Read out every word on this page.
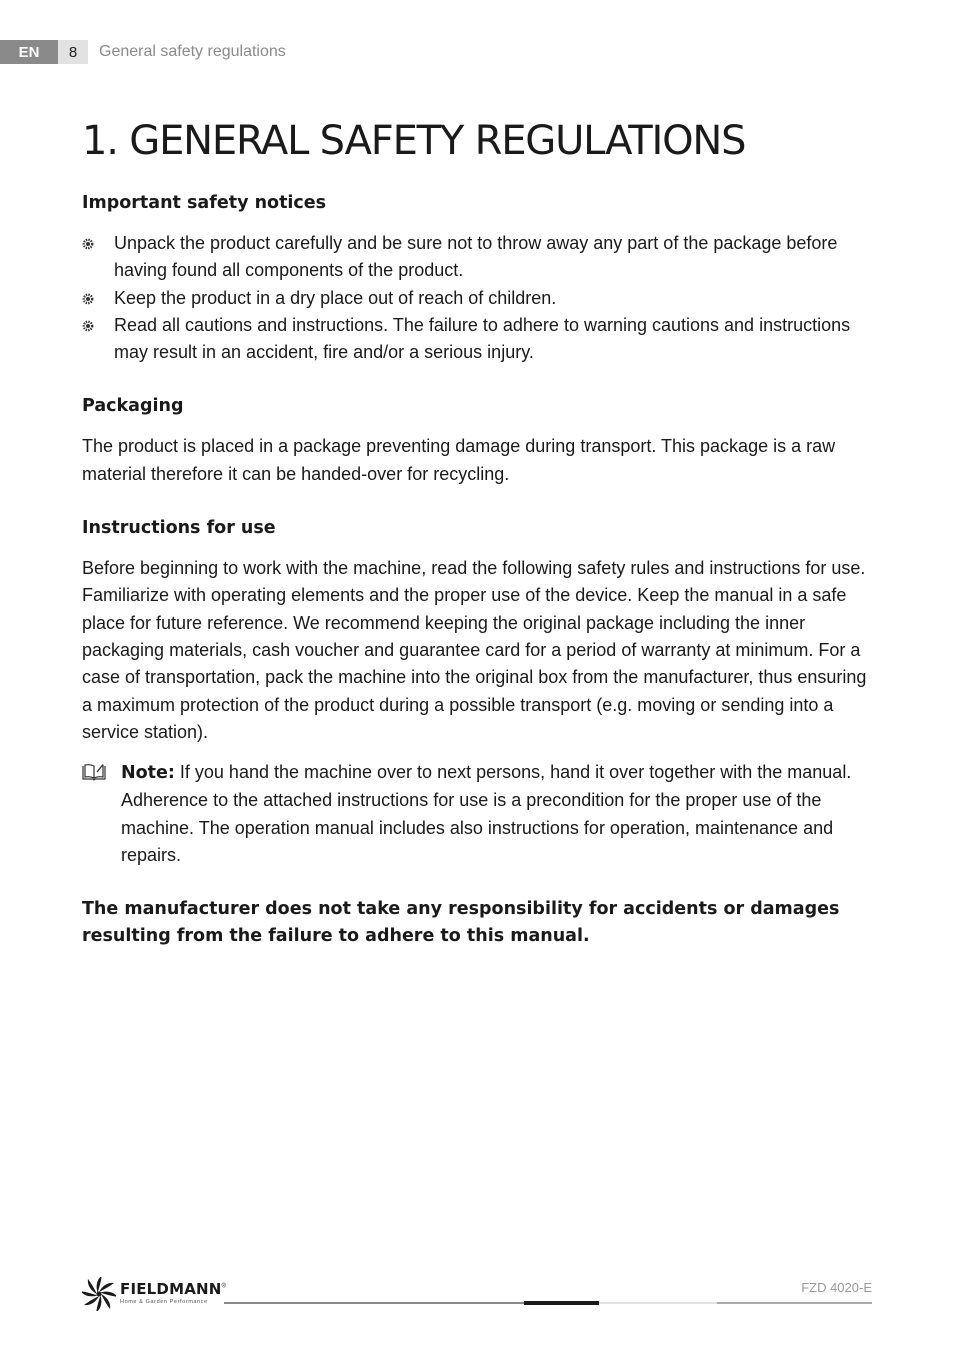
EN	8	General safety regulations
1. GENERAL SAFETY REGULATIONS
Important safety notices
Unpack the product carefully and be sure not to throw away any part of the package before having found all components of the product.
Keep the product in a dry place out of reach of children.
Read all cautions and instructions. The failure to adhere to warning cautions and instructions may result in an accident, fire and/or a serious injury.
Packaging

The product is placed in a package preventing damage during transport. This package is a raw material therefore it can be handed-over for recycling.

Instructions for use

Before beginning to work with the machine, read the following safety rules and instructions for use. Familiarize with operating elements and the proper use of the device. Keep the manual in a safe place for future reference. We recommend keeping the original package including the inner packaging materials, cash voucher and guarantee card for a period of warranty at minimum. For a case of transportation, pack the machine into the original box from the manufacturer, thus ensuring a maximum protection of the product during a possible transport (e.g. moving or sending into a service station).

Note: If you hand the machine over to next persons, hand it over together with the manual. Adherence to the attached instructions for use is a precondition for the proper use of the machine. The operation manual includes also instructions for operation, maintenance and repairs.

The manufacturer does not take any responsibility for accidents or damages resulting from the failure to adhere to this manual.

FIELDMANN®
Home & Garden Performance
FZD 4020-E
